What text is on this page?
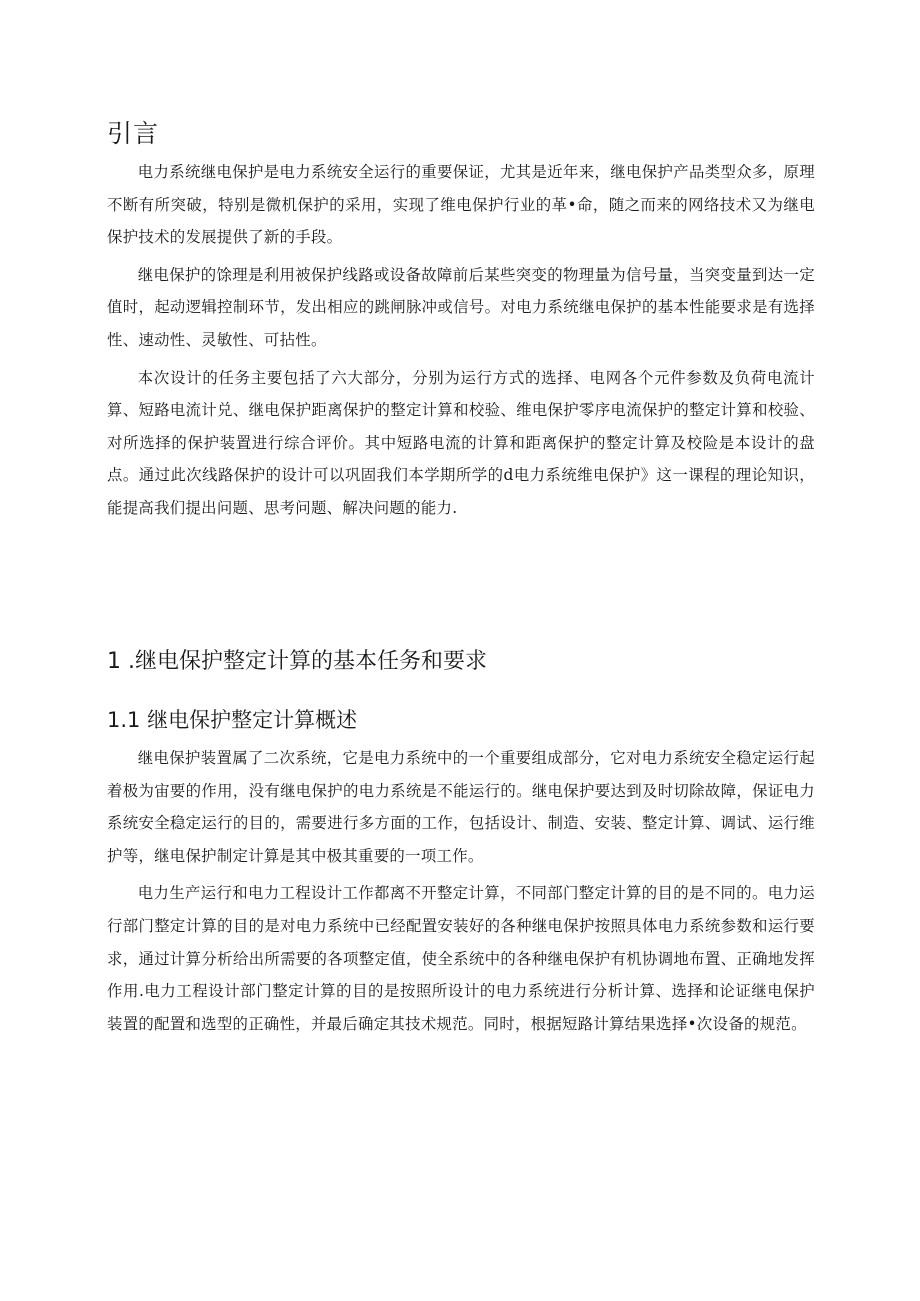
引言

电力系统继电保护是电力系统安全运行的重要保证，尤其是近年来，继电保护产品类型众多，原理不断有所突破，特别是微机保护的采用，实现了维电保护行业的革•命，随之而来的网络技术又为继电保护技术的发展提供了新的手段。

继电保护的馀理是利用被保护线路或设备故障前后某些突变的物理量为信号量，当突变量到达一定值时，起动逻辑控制环节，发出相应的跳闸脉冲或信号。对电力系统继电保护的基本性能要求是有选择性、速动性、灵敏性、可拈性。

本次设计的任务主要包括了六大部分，分别为运行方式的选择、电网各个元件参数及负荷电流计算、短路电流计兑、继电保护距离保护的整定计算和校验、维电保护零序电流保护的整定计算和校验、对所选择的保护装置进行综合评价。其中短路电流的计算和距离保护的整定计算及校险是本设计的盘点。通过此次线路保护的设计可以巩固我们本学期所学的d电力系统维电保护》这一课程的理论知识，能提高我们提出问题、思考问题、解决问题的能力.

1 .继电保护整定计算的基本任务和要求
1.1 继电保护整定计算概述

继电保护装置属了二次系统，它是电力系统中的一个重要组成部分，它对电力系统安全稳定运行起着极为宙要的作用，没有继电保护的电力系统是不能运行的。继电保护要达到及时切除故障，保证电力系统安全稳定运行的目的，需要进行多方面的工作，包括设计、制造、安装、整定计算、调试、运行维护等，继电保护制定计算是其中极其重要的一项工作。

电力生产运行和电力工程设计工作都离不开整定计算，不同部门整定计算的目的是不同的。电力运行部门整定计算的目的是对电力系统中已经配置安装好的各种继电保护按照具体电力系统参数和运行要求，通过计算分析给出所需要的各项整定值，使全系统中的各种继电保护有机协调地布置、正确地发挥作用.电力工程设计部门整定计算的目的是按照所设计的电力系统进行分析计算、选择和论证继电保护装置的配置和选型的正确性，并最后确定其技术规范。同时，根据短路计算结果选择•次设备的规范。
